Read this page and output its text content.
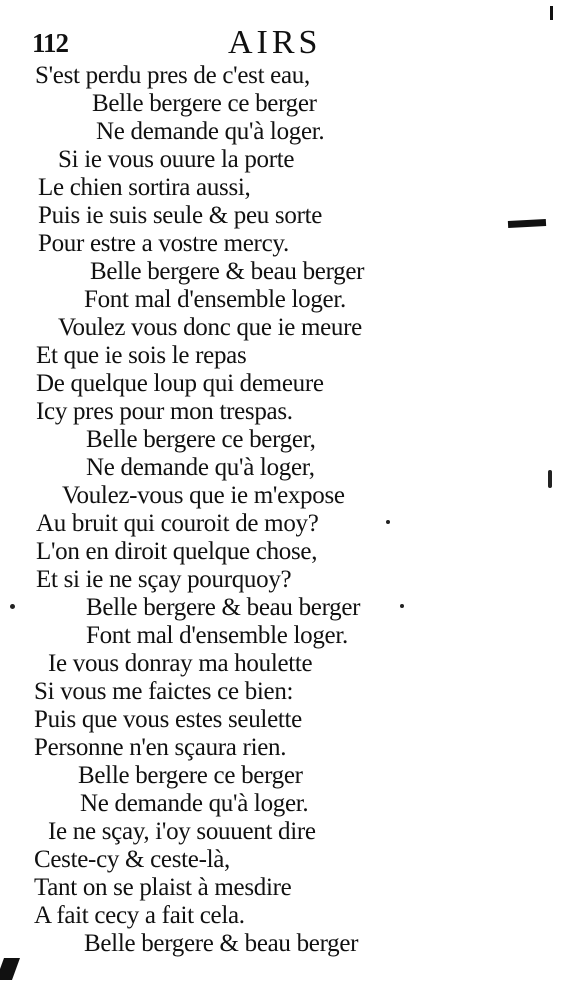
112	AIRS
S'est perdu pres de c'est eau,
Belle bergere ce berger
Ne demande qu'à loger.
Si ie vous ouure la porte
Le chien sortira aussi,
Puis ie suis seule & peu sorte
Pour estre a vostre mercy.
Belle bergere & beau berger
Font mal d'ensemble loger.
Voulez vous donc que ie meure
Et que ie sois le repas
De quelque loup qui demeure
Icy pres pour mon trespas.
Belle bergere ce berger,
Ne demande qu'à loger,
Voulez-vous que ie m'expose
Au bruit qui couroit de moy?
L'on en diroit quelque chose,
Et si ie ne sçay pourquoy?
Belle bergere & beau berger
Font mal d'ensemble loger.
Ie vous donray ma houlette
Si vous me faictes ce bien:
Puis que vous estes seulette
Personne n'en sçaura rien.
Belle bergere ce berger
Ne demande qu'à loger.
Ie ne sçay, i'oy souuent dire
Ceste-cy & ceste-là,
Tant on se plaist à mesdire
A fait cecy a fait cela.
Belle bergere & beau berger
